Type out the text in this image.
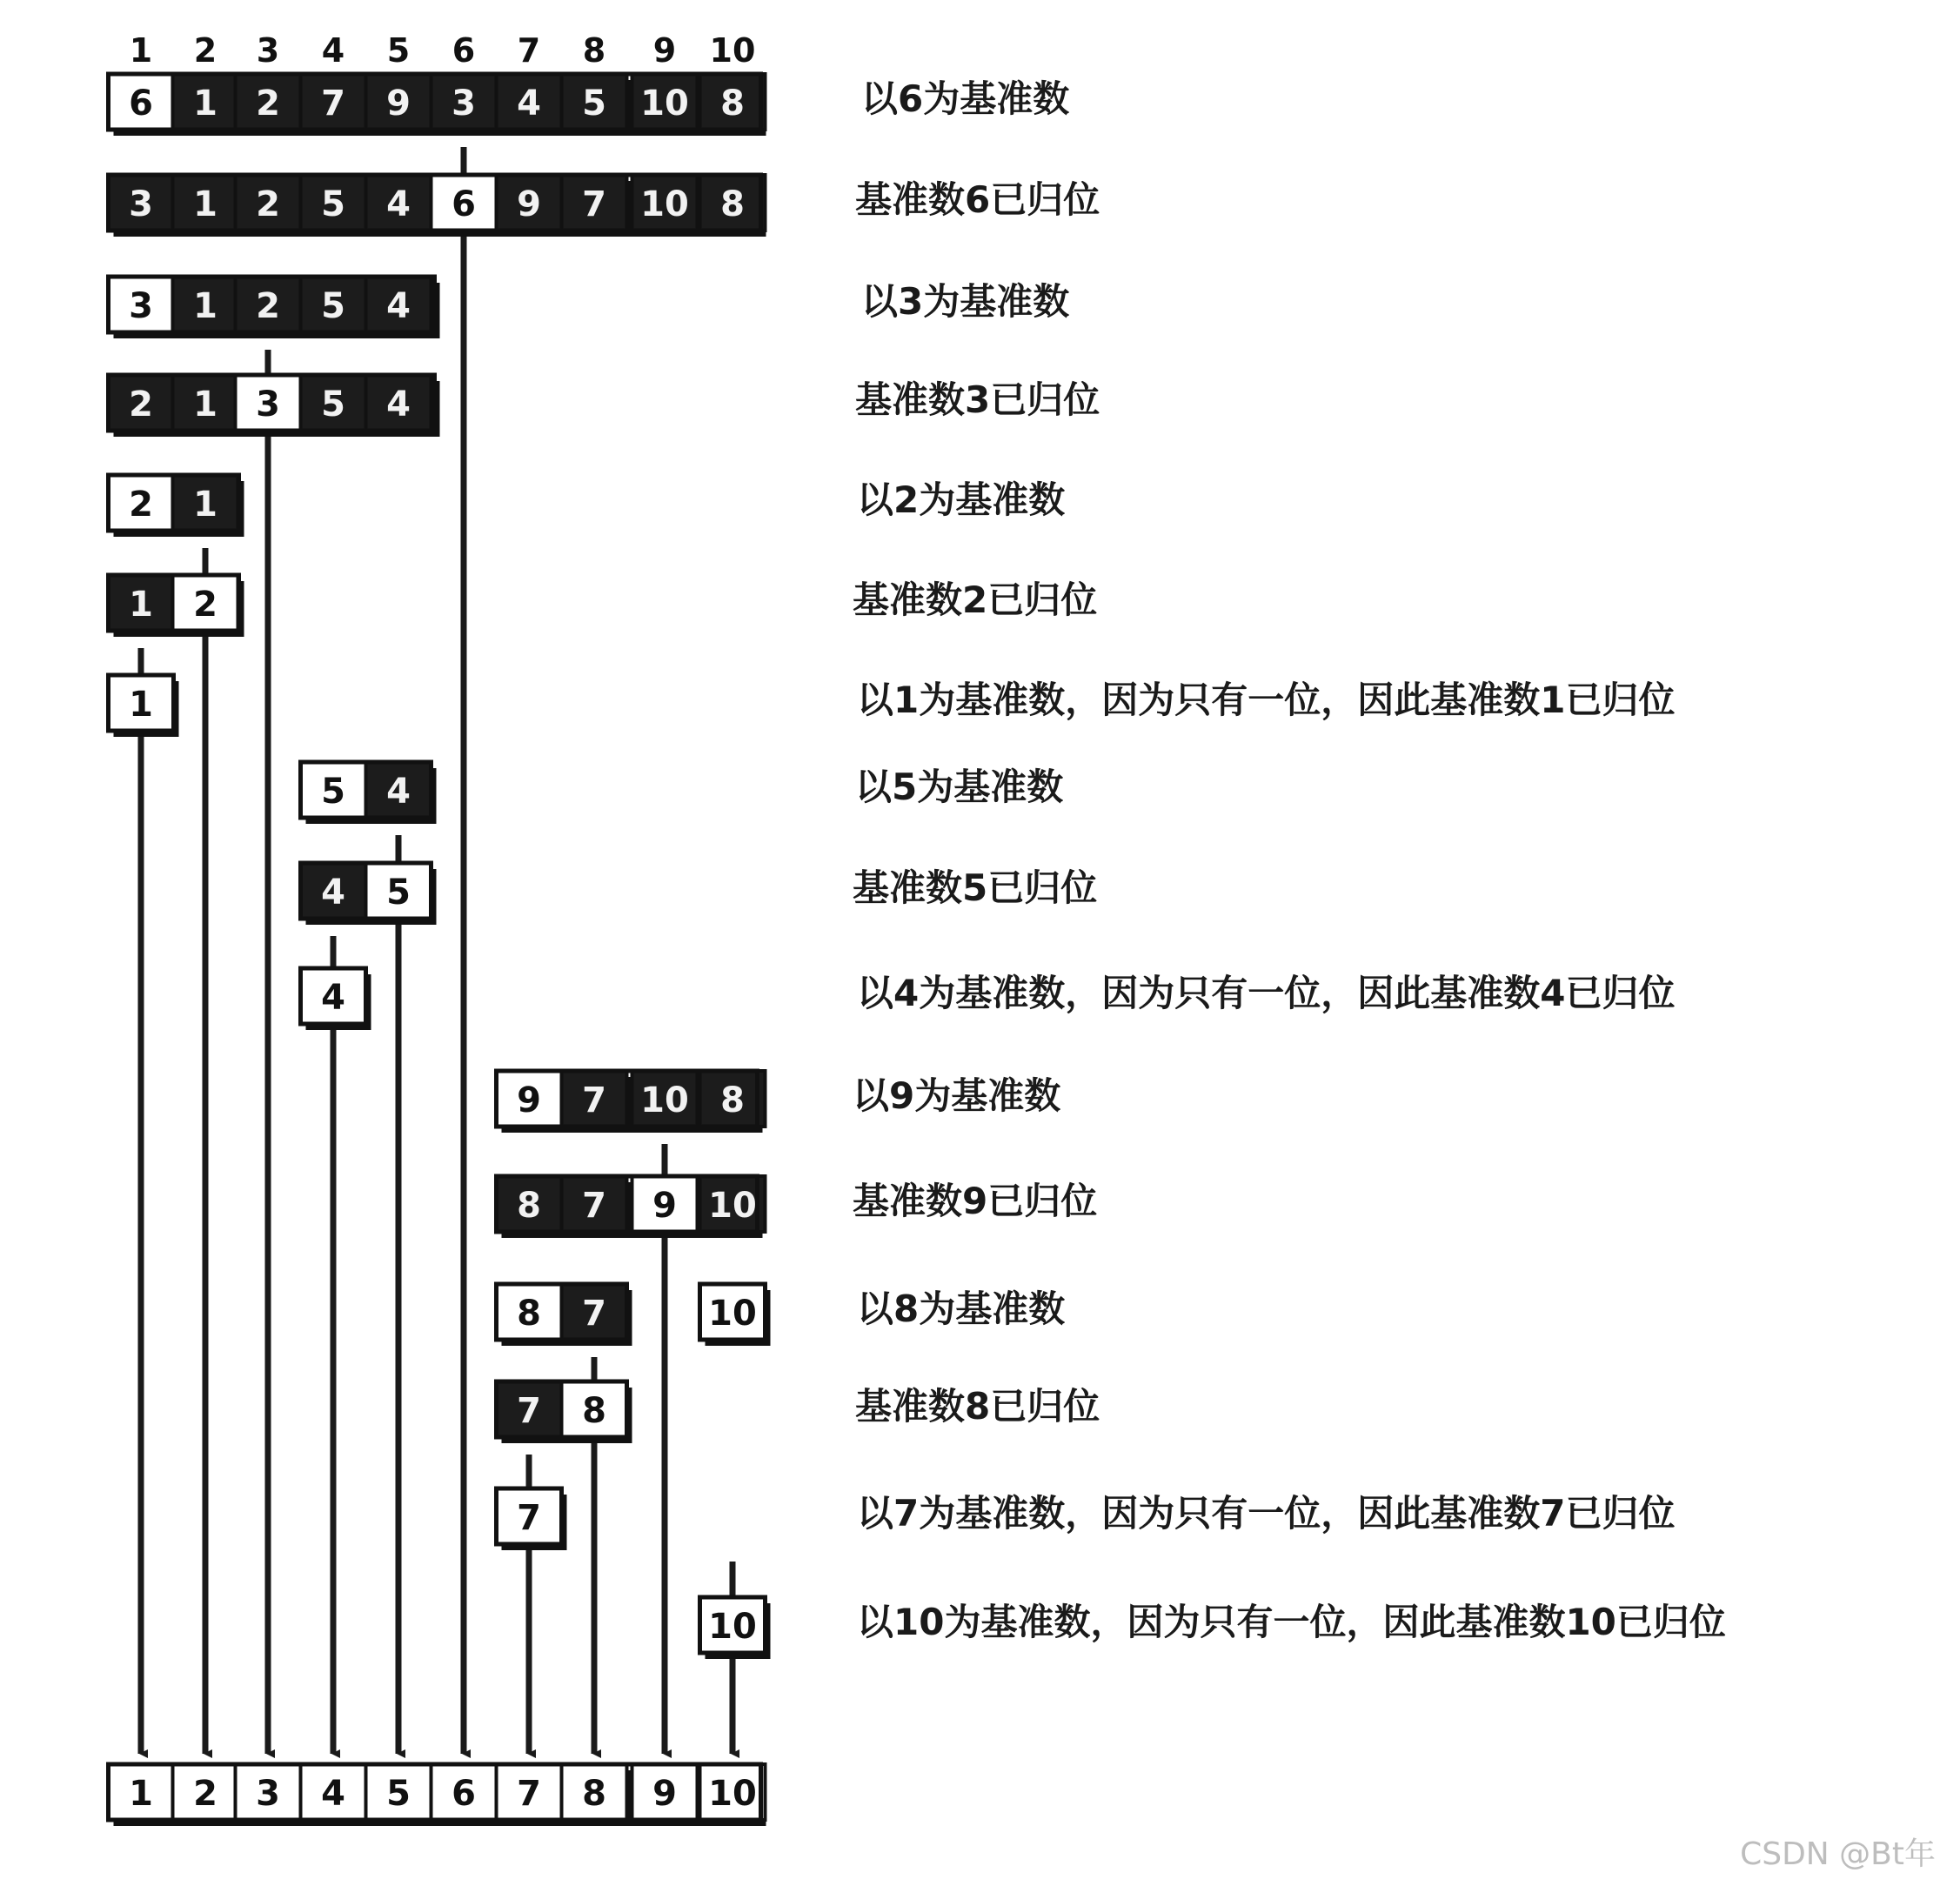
1 2 3 4 5 6 7 8 9 10
6 1 2 7 9 3 4 5 10 8
3 1 2 5 4 6 9 7 10 8
3 1 2 5 4
2 1 3 5 4
2 1
1 2
1
5 4
4 5
4
9 7 10 8
8 7 9 10
8 7	10
7 8
7
10
1 2 3 4 5 6 7 8 9 10
以6为基准数
基准数6已归位
以3为基准数
基准数3已归位
以2为基准数
基准数2已归位
以1为基准数，因为只有一位，因此基准数1已归位
以5为基准数
基准数5已归位
以4为基准数，因为只有一位，因此基准数4已归位
以9为基准数
基准数9已归位
以8为基准数
基准数8已归位
以7为基准数，因为只有一位，因此基准数7已归位
以10为基准数，因为只有一位，因此基准数10已归位
CSDN @Bt年
